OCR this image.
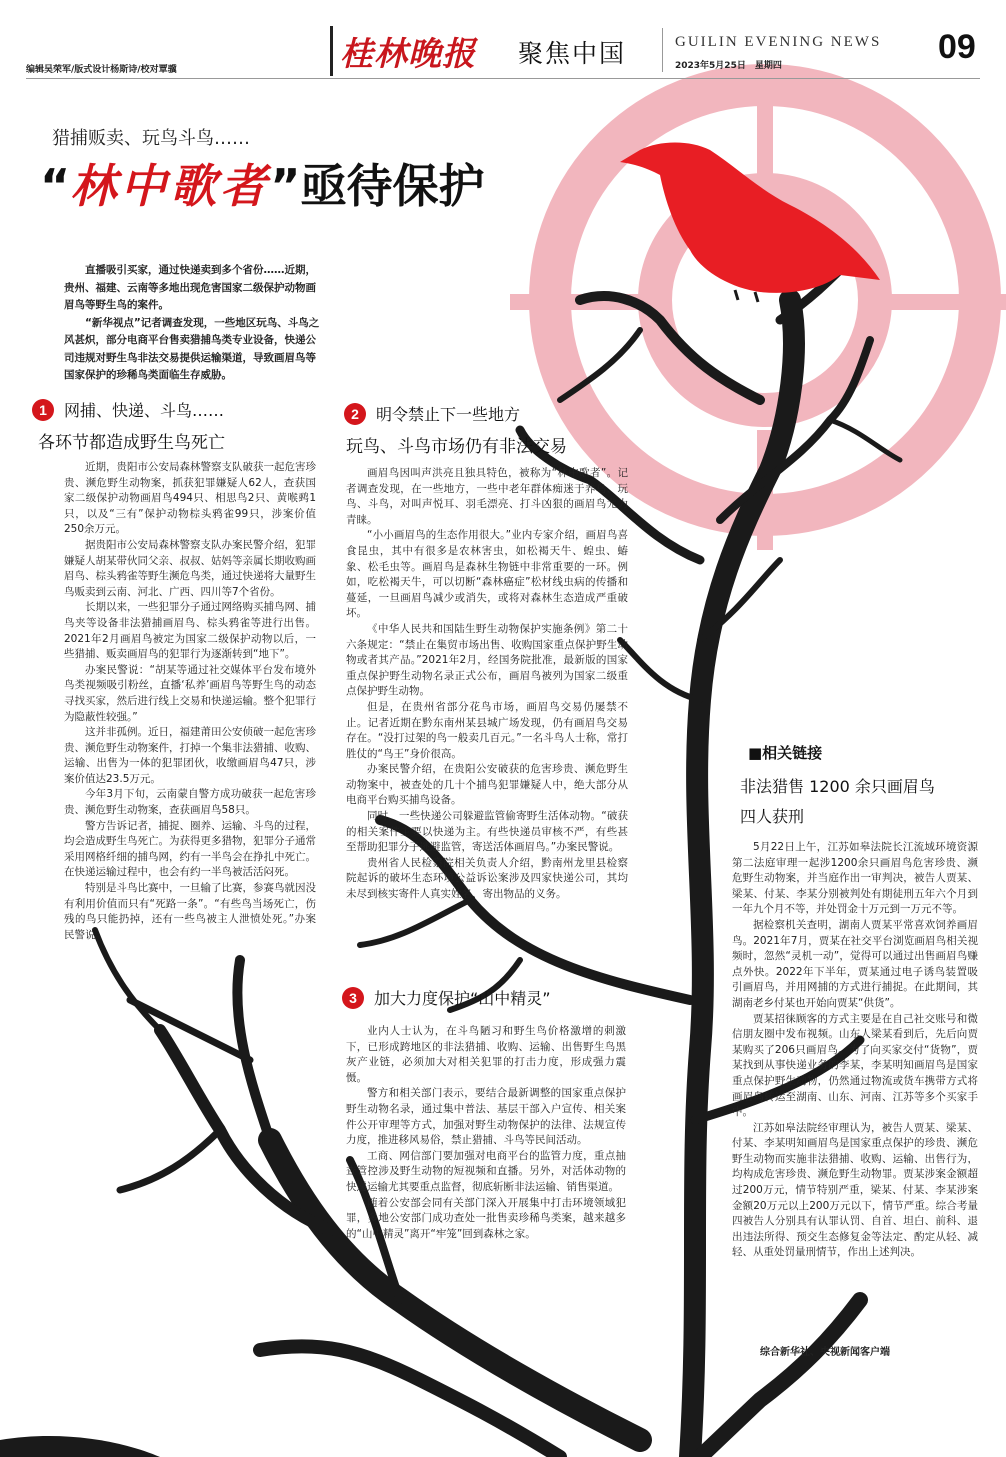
编辑吴荣军/版式设计杨斯诗/校对覃骥	桂林晚报 聚焦中国	GUILIN EVENING NEWS
2023年5月25日　星期四	09
猎捕贩卖、玩鸟斗鸟……
“林中歌者”亟待保护

直播吸引买家，通过快递卖到多个省份……近期，贵州、福建、云南等多地出现危害国家二级保护动物画眉鸟等野生鸟的案件。

“新华视点”记者调查发现，一些地区玩鸟、斗鸟之风甚炽，部分电商平台售卖猎捕鸟类专业设备，快递公司违规对野生鸟非法交易提供运输渠道，导致画眉鸟等国家保护的珍稀鸟类面临生存威胁。

1	网捕、快递、斗鸟……
各环节都造成野生鸟死亡

近期，贵阳市公安局森林警察支队破获一起危害珍贵、濒危野生动物案，抓获犯罪嫌疑人62人，查获国家二级保护动物画眉鸟494只、相思鸟2只、黄喉鹀1只，以及“三有”保护动物棕头鸦雀99只，涉案价值250余万元。

据贵阳市公安局森林警察支队办案民警介绍，犯罪嫌疑人胡某带伙同父亲、叔叔、姑妈等亲属长期收购画眉鸟、棕头鸦雀等野生濒危鸟类，通过快递将大量野生鸟贩卖到云南、河北、广西、四川等7个省份。

长期以来，一些犯罪分子通过网络购买捕鸟网、捕鸟夹等设备非法猎捕画眉鸟、棕头鸦雀等进行出售。2021年2月画眉鸟被定为国家二级保护动物以后，一些猎捕、贩卖画眉鸟的犯罪行为逐渐转到“地下”。

办案民警说：“胡某等通过社交媒体平台发布境外鸟类视频吸引粉丝，直播‘私养’画眉鸟等野生鸟的动态寻找买家，然后进行线上交易和快递运输。整个犯罪行为隐蔽性较强。”

这并非孤例。近日，福建莆田公安侦破一起危害珍贵、濒危野生动物案件，打掉一个集非法猎捕、收购、运输、出售为一体的犯罪团伙，收缴画眉鸟47只，涉案价值达23.5万元。

今年3月下旬，云南蒙自警方成功破获一起危害珍贵、濒危野生动物案，查获画眉鸟58只。

警方告诉记者，捕捉、圈养、运输、斗鸟的过程，均会造成野生鸟死亡。为获得更多猎物，犯罪分子通常采用网格纤细的捕鸟网，约有一半鸟会在挣扎中死亡。在快递运输过程中，也会有约一半鸟被活活闷死。

特别是斗鸟比赛中，一旦输了比赛，参赛鸟就因没有利用价值而只有“死路一条”。“有些鸟当场死亡，伤残的鸟只能扔掉，还有一些鸟被主人泄愤处死。”办案民警说。

2	明令禁止下一些地方
玩鸟、斗鸟市场仍有非法交易

画眉鸟因叫声洪亮且独具特色，被称为“林中歌者”。记者调查发现，在一些地方，一些中老年群体痴迷于养鸟、玩鸟、斗鸟，对叫声悦耳、羽毛漂亮、打斗凶狠的画眉鸟尤为青睐。

“小小画眉鸟的生态作用很大。”业内专家介绍，画眉鸟喜食昆虫，其中有很多是农林害虫，如松褐天牛、蝗虫、蝽象、松毛虫等。画眉鸟是森林生物链中非常重要的一环。例如，吃松褐天牛，可以切断“森林癌症”松材线虫病的传播和蔓延，一旦画眉鸟减少或消失，或将对森林生态造成严重破坏。

《中华人民共和国陆生野生动物保护实施条例》第二十六条规定：“禁止在集贸市场出售、收购国家重点保护野生动物或者其产品。”2021年2月，经国务院批准，最新版的国家重点保护野生动物名录正式公布，画眉鸟被列为国家二级重点保护野生动物。

但是，在贵州省部分花鸟市场，画眉鸟交易仍屡禁不止。记者近期在黔东南州某县城广场发现，仍有画眉鸟交易存在。“没打过架的鸟一般卖几百元。”一名斗鸟人士称，常打胜仗的“鸟王”身价很高。

办案民警介绍，在贵阳公安破获的危害珍贵、濒危野生动物案中，被查处的几十个捕鸟犯罪嫌疑人中，绝大部分从电商平台购买捕鸟设备。

同时，一些快递公司躲避监管偷寄野生活体动物。“破获的相关案件主要以快递为主。有些快递员审核不严，有些甚至帮助犯罪分子逃避监管，寄送活体画眉鸟。”办案民警说。

贵州省人民检察院相关负责人介绍，黔南州龙里县检察院起诉的破坏生态环境公益诉讼案涉及四家快递公司，其均未尽到核实寄件人真实姓名、寄出物品的义务。

3	加大力度保护“山中精灵”

业内人士认为，在斗鸟陋习和野生鸟价格激增的刺激下，已形成跨地区的非法猎捕、收购、运输、出售野生鸟黑灰产业链，必须加大对相关犯罪的打击力度，形成强力震慑。

警方和相关部门表示，要结合最新调整的国家重点保护野生动物名录，通过集中普法、基层干部入户宣传、相关案件公开审理等方式，加强对野生动物保护的法律、法规宣传力度，推进移风易俗，禁止猎捕、斗鸟等民间活动。

工商、网信部门要加强对电商平台的监管力度，重点抽查管控涉及野生动物的短视频和直播。另外，对活体动物的快递运输尤其要重点监督，彻底斩断非法运输、销售渠道。

随着公安部会同有关部门深入开展集中打击环境领域犯罪，多地公安部门成功查处一批售卖珍稀鸟类案，越来越多的“山中精灵”离开“牢笼”回到森林之家。

■相关链接
非法猎售 1200 余只画眉鸟
四人获刑

5月22日上午，江苏如皋法院长江流域环境资源第二法庭审理一起涉1200余只画眉鸟危害珍贵、濒危野生动物案，并当庭作出一审判决，被告人贾某、梁某、付某、李某分别被判处有期徒刑五年六个月到一年九个月不等，并处罚金十万元到一万元不等。

据检察机关查明，湖南人贾某平常喜欢饲养画眉鸟。2021年7月，贾某在社交平台浏览画眉鸟相关视频时，忽然“灵机一动”，觉得可以通过出售画眉鸟赚点外快。2022年下半年，贾某通过电子诱鸟装置吸引画眉鸟，并用网捕的方式进行捕捉。在此期间，其湖南老乡付某也开始向贾某“供货”。

贾某招徕顾客的方式主要是在自己社交账号和微信朋友圈中发布视频。山东人梁某看到后，先后向贾某购买了206只画眉鸟。为了向买家交付“货物”，贾某找到从事快递业务的李某，李某明知画眉鸟是国家重点保护野生动物，仍然通过物流或货车携带方式将画眉鸟转运至湖南、山东、河南、江苏等多个买家手中。

江苏如皋法院经审理认为，被告人贾某、梁某、付某、李某明知画眉鸟是国家重点保护的珍贵、濒危野生动物而实施非法猎捕、收购、运输、出售行为，均构成危害珍贵、濒危野生动物罪。贾某涉案金额超过200万元，情节特别严重，梁某、付某、李某涉案金额20万元以上200万元以下，情节严重。综合考量四被告人分别具有认罪认罚、自首、坦白、前科、退出违法所得、预交生态修复金等法定、酌定从轻、减轻、从重处罚量刑情节，作出上述判决。

综合新华社、央视新闻客户端
